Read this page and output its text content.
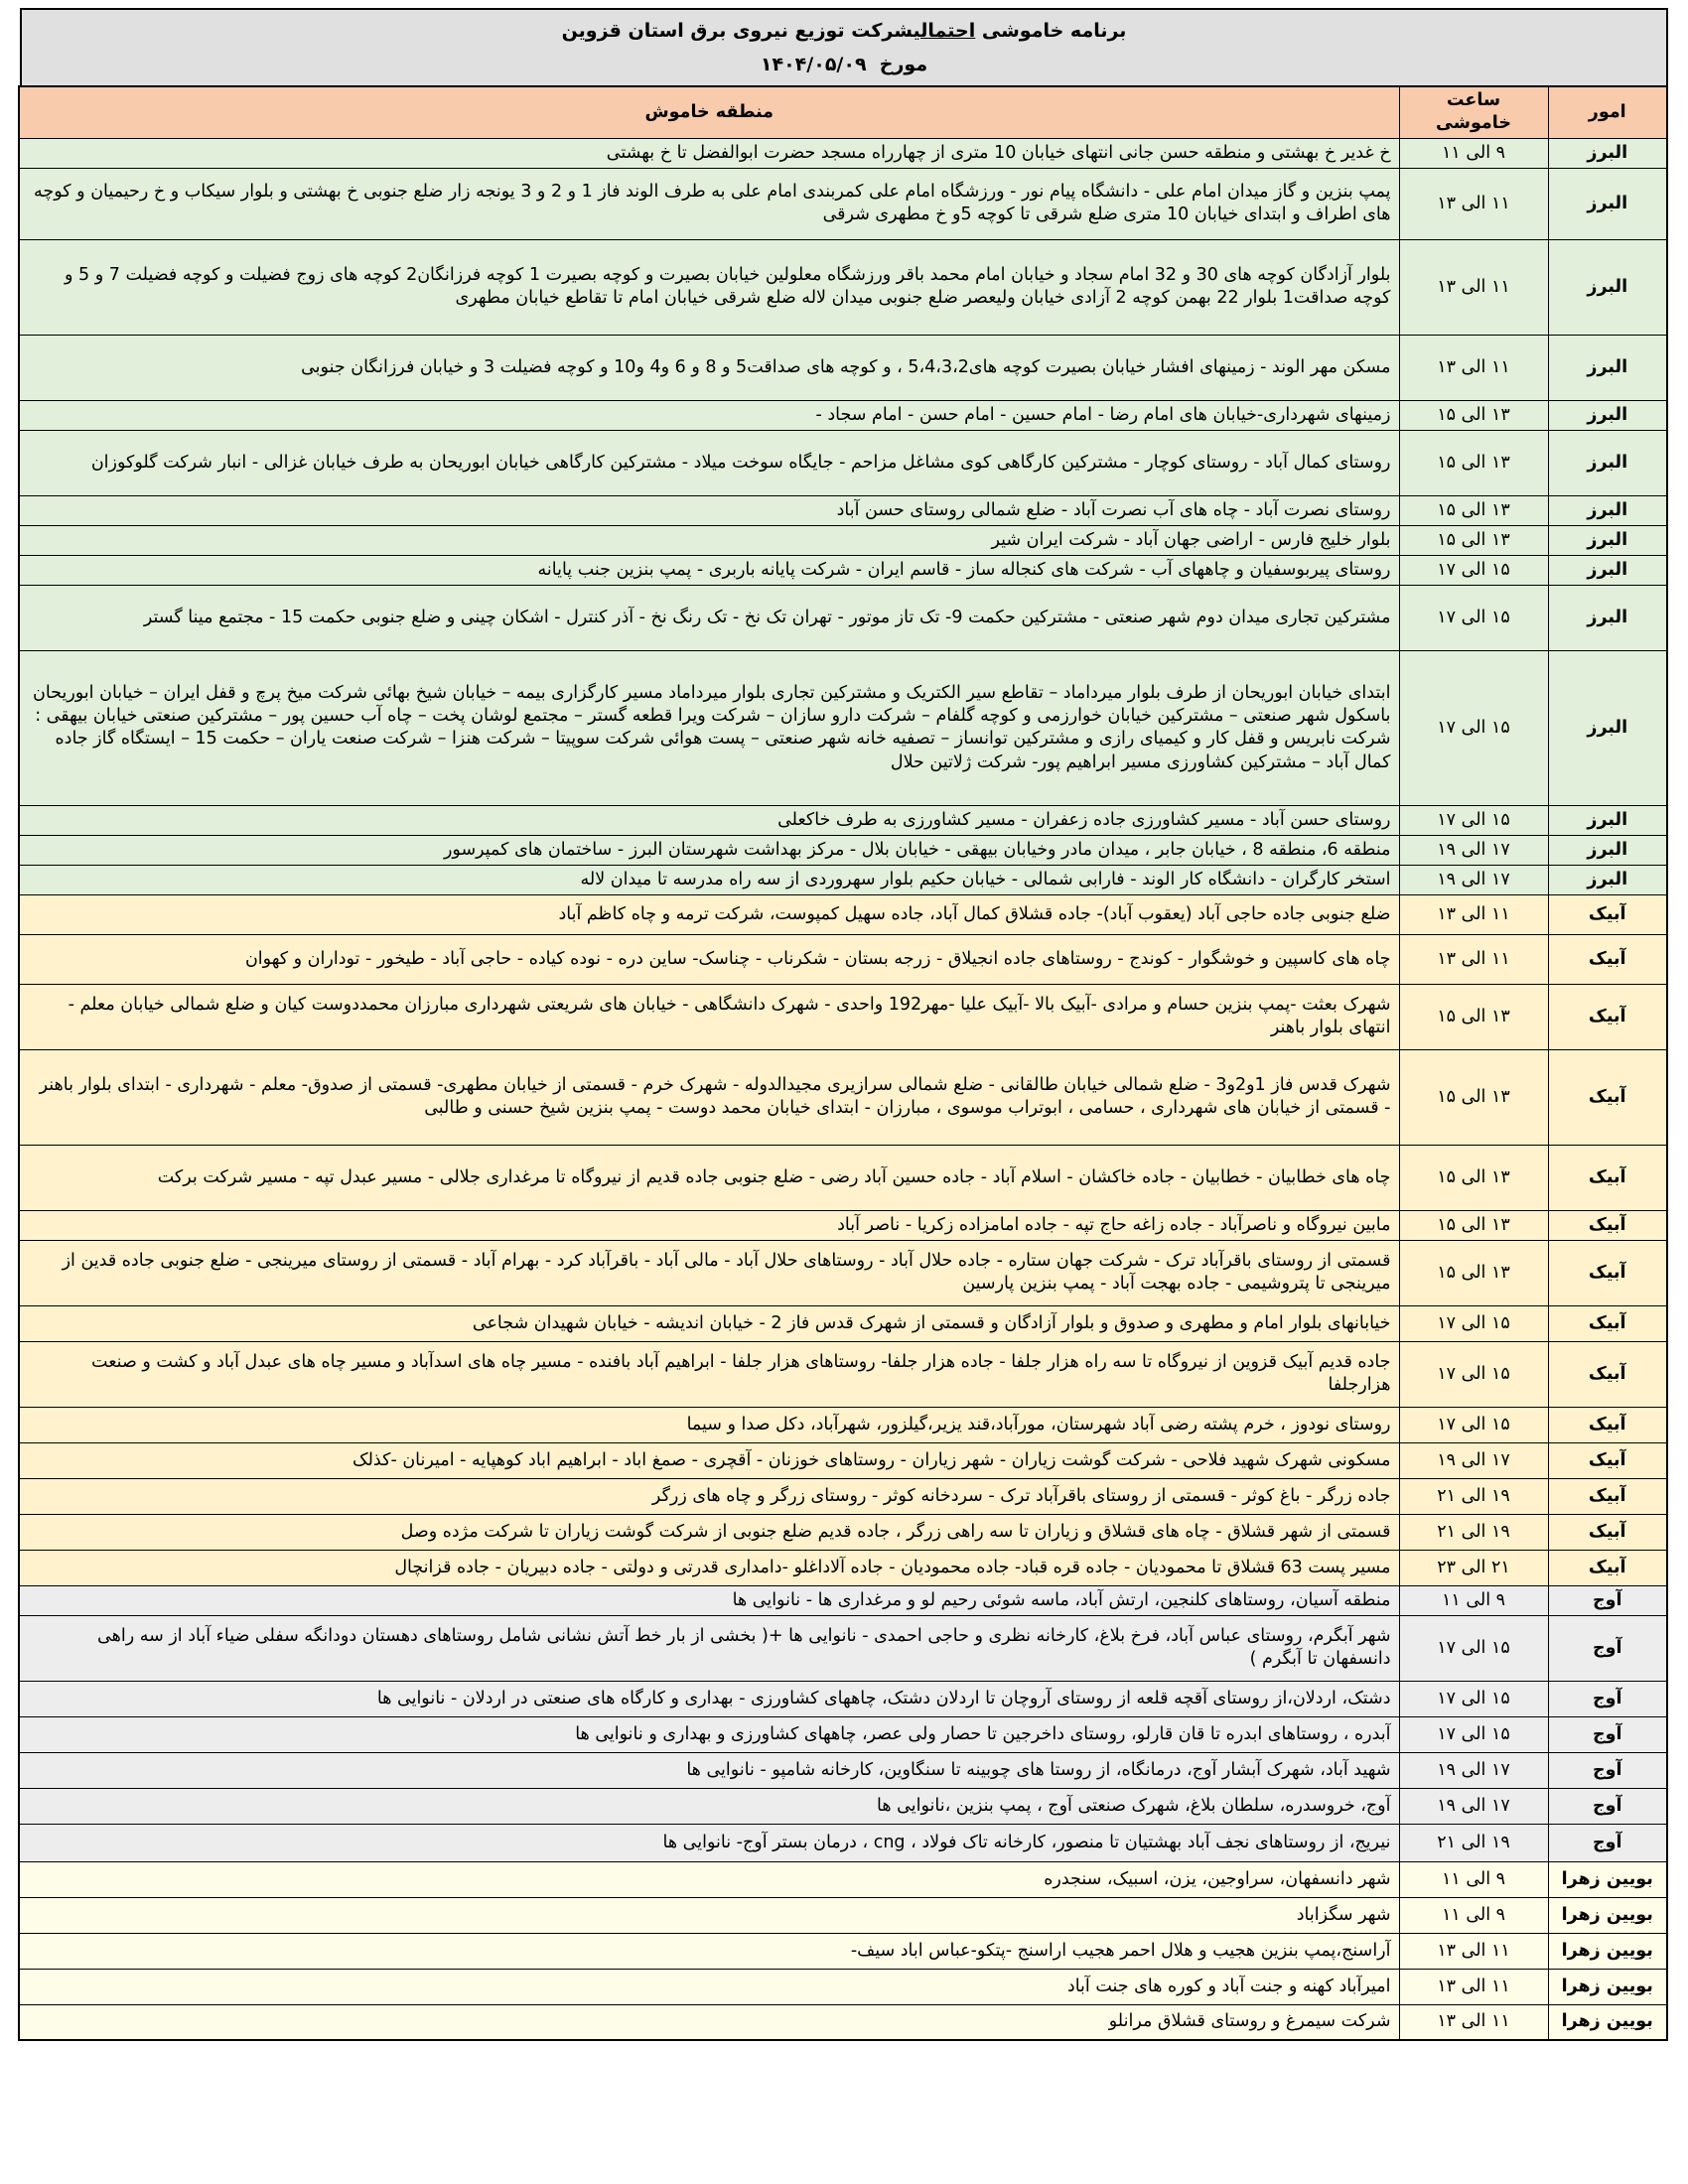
برنامه خاموشی احتمالیشرکت توزیع نیروی برق استان قزوین
مورخ  ۱۴۰۴/۰۵/۰۹
امور	ساعت خاموشی	منطقه خاموش
البرز	۹ الی ۱۱	خ غدیر خ بهشتی و منطقه حسن جانی انتهای خیابان 10 متری از چهارراه مسجد حضرت ابوالفضل تا خ بهشتی
البرز	۱۱ الی ۱۳	پمپ بنزین و گاز میدان امام علی - دانشگاه پیام نور - ورزشگاه امام علی کمربندی امام علی به طرف الوند فاز 1 و 2 و 3 یونجه زار ضلع جنوبی خ بهشتی و بلوار سیکاب و خ رحیمیان و کوچه های اطراف و ابتدای خیابان 10 متری ضلع شرقی تا کوچه 5و خ مطهری شرقی
البرز	۱۱ الی ۱۳	بلوار آزادگان کوچه های 30 و 32 امام سجاد و خیابان امام محمد باقر ورزشگاه معلولین خیابان بصیرت و کوچه بصیرت 1 کوچه فرزانگان2 کوچه های زوج فضیلت و کوچه فضیلت 7 و 5 و کوچه صداقت1 بلوار 22 بهمن کوچه 2 آزادی خیابان ولیعصر ضلع جنوبی میدان لاله ضلع شرقی خیابان امام تا تقاطع خیابان مطهری
البرز	۱۱ الی ۱۳	مسکن مهر الوند - زمینهای افشار خیابان بصیرت کوچه های5،4،3،2 ، و کوچه های صداقت5 و 8 و 6 و4 و10 و کوچه فضیلت 3 و خیابان فرزانگان جنوبی
البرز	۱۳ الی ۱۵	زمینهای شهرداری-خیابان های امام رضا - امام حسین - امام حسن - امام سجاد -
البرز	۱۳ الی ۱۵	روستای کمال آباد - روستای کوچار - مشترکین کارگاهی کوی مشاغل مزاحم - جایگاه سوخت میلاد - مشترکین کارگاهی خیابان ابوریحان به طرف خیابان غزالی - انبار شرکت گلوکوزان
البرز	۱۳ الی ۱۵	روستای نصرت آباد - چاه های آب نصرت آباد - ضلع شمالی روستای حسن آباد
البرز	۱۳ الی ۱۵	بلوار خلیج فارس - اراضی جهان آباد - شرکت ایران شیر
البرز	۱۵ الی ۱۷	روستای پیربوسفیان و چاههای آب - شرکت های کنجاله ساز - قاسم ایران - شرکت پایانه باربری - پمپ بنزین جنب پایانه
البرز	۱۵ الی ۱۷	مشترکین تجاری میدان دوم شهر صنعتی - مشترکین حکمت 9- تک تاز موتور - تهران تک نخ - تک رنگ نخ - آذر کنترل - اشکان چینی و ضلع جنوبی حکمت 15 - مجتمع مینا گستر
البرز	۱۵ الی ۱۷	ابتدای خیابان ابوریحان از طرف بلوار میرداماد – تقاطع سیر الکتریک و مشترکین تجاری بلوار میرداماد مسیر کارگزاری بیمه – خیابان شیخ بهائی شرکت میخ پرچ و قفل ایران – خیابان ابوریحان باسکول شهر صنعتی – مشترکین خیابان خوارزمی و کوچه گلفام – شرکت دارو سازان – شرکت ویرا قطعه گستر – مجتمع لوشان پخت – چاه آب حسین پور – مشترکین صنعتی خیابان بیهقی : شرکت نابریس و قفل کار و کیمیای رازی و مشترکین توانساز – تصفیه خانه شهر صنعتی – پست هوائی شرکت سوپیتا – شرکت هنزا – شرکت صنعت یاران – حکمت 15 – ایستگاه گاز جاده کمال آباد – مشترکین کشاورزی مسیر ابراهیم پور- شرکت ژلاتین حلال
البرز	۱۵ الی ۱۷	روستای حسن آباد - مسیر کشاورزی جاده زعفران - مسیر کشاورزی به طرف خاکعلی
البرز	۱۷ الی ۱۹	منطقه 6، منطقه 8 ، خیابان جابر ، میدان مادر وخیابان بیهقی - خیابان بلال - مرکز بهداشت شهرستان البرز - ساختمان های کمپرسور
البرز	۱۷ الی ۱۹	استخر کارگران - دانشگاه کار الوند - فارابی شمالی - خیابان حکیم بلوار سهروردی از سه راه مدرسه تا میدان لاله
آبیک	۱۱ الی ۱۳	ضلع جنوبی جاده حاجی آباد (یعقوب آباد)- جاده قشلاق کمال آباد، جاده سهیل کمپوست، شرکت ترمه و چاه کاظم آباد
آبیک	۱۱ الی ۱۳	چاه های کاسپین و خوشگوار - کوندج - روستاهای جاده انجیلاق - زرجه بستان - شکرناب - چناسک- ساین دره - نوده کیاده - حاجی آباد - طیخور - توداران و کهوان
آبیک	۱۳ الی ۱۵	شهرک بعثت -پمپ بنزین حسام و مرادی -آبیک بالا -آبیک علیا -مهر192 واحدی - شهرک دانشگاهی - خیابان های شریعتی شهرداری مبارزان محمددوست کیان و ضلع شمالی خیابان معلم - انتهای بلوار باهنر
آبیک	۱۳ الی ۱۵	شهرک قدس فاز 1و2و3 - ضلع شمالی خیابان طالقانی - ضلع شمالی سرازیری مجیدالدوله - شهرک خرم - قسمتی از خیابان مطهری- قسمتی از صدوق- معلم - شهرداری - ابتدای بلوار باهنر - قسمتی از خیابان های شهرداری ، حسامی ، ابوتراب موسوی ، مبارزان - ابتدای خیابان محمد دوست - پمپ بنزین شیخ حسنی و طالبی
آبیک	۱۳ الی ۱۵	چاه های خطابیان - خطابیان - جاده خاکشان - اسلام آباد - جاده حسین آباد رضی - ضلع جنوبی جاده قدیم از نیروگاه تا مرغداری جلالی - مسیر عبدل تپه - مسیر شرکت برکت
آبیک	۱۳ الی ۱۵	مابین نیروگاه و ناصرآباد - جاده زاغه حاج تپه - جاده امامزاده زکریا - ناصر آباد
آبیک	۱۳ الی ۱۵	قسمتی از روستای باقرآباد ترک - شرکت جهان ستاره - جاده حلال آباد - روستاهای حلال آباد - مالی آباد - باقرآباد کرد - بهرام آباد - قسمتی از روستای میرینجی - ضلع جنوبی جاده قدین از میرینجی تا پتروشیمی - جاده بهجت آباد - پمپ بنزین پارسین
آبیک	۱۵ الی ۱۷	خیابانهای بلوار امام و مطهری و صدوق و بلوار آزادگان و قسمتی از شهرک قدس فاز 2 - خیابان اندیشه - خیابان شهیدان شجاعی
آبیک	۱۵ الی ۱۷	جاده قدیم آبیک قزوین از نیروگاه تا سه راه هزار جلفا - جاده هزار جلفا- روستاهای هزار جلفا - ابراهیم آباد بافنده - مسیر چاه های اسدآباد و مسیر چاه های عبدل آباد و کشت و صنعت هزارجلفا
آبیک	۱۵ الی ۱۷	روستای نودوز ، خرم پشته رضی آباد شهرستان، مورآباد،قند یزیر،گیلزور، شهرآباد، دکل صدا و سیما
آبیک	۱۷ الی ۱۹	مسکونی شهرک شهید فلاحی - شرکت گوشت زیاران - شهر زیاران - روستاهای خوزنان - آقچری - صمغ اباد - ابراهیم اباد کوهپایه - امیرنان -کذلک
آبیک	۱۹ الی ۲۱	جاده زرگر - باغ کوثر - قسمتی از روستای باقرآباد ترک - سردخانه کوثر - روستای زرگر و چاه های زرگر
آبیک	۱۹ الی ۲۱	قسمتی از شهر قشلاق - چاه های قشلاق و زیاران تا سه راهی زرگر ، جاده قدیم ضلع جنوبی از شرکت گوشت زیاران تا شرکت مژده وصل
آبیک	۲۱ الی ۲۳	مسیر پست 63 قشلاق تا محمودیان - جاده قره قباد- جاده محمودیان - جاده آلاداغلو -دامداری قدرتی و دولتی - جاده دبیریان - جاده قزانچال
آوج	۹ الی ۱۱	منطقه آسیان، روستاهای کلنجین، ارتش آباد، ماسه شوئی رحیم لو و مرغداری ها - نانوایی ها
آوج	۱۵ الی ۱۷	شهر آبگرم، روستای عباس آباد، فرخ بلاغ، کارخانه نظری و حاجی احمدی - نانوایی ها +( بخشی از بار خط آتش نشانی شامل روستاهای دهستان دودانگه سفلی ضیاء آباد از سه راهی دانسفهان تا آبگرم )
آوج	۱۵ الی ۱۷	دشتک، اردلان،از روستای آقچه قلعه از روستای آروچان تا اردلان دشتک، چاههای کشاورزی - بهداری و کارگاه های صنعتی در اردلان - نانوایی ها
آوج	۱۵ الی ۱۷	آبدره ، روستاهای ابدره تا قان قارلو، روستای داخرجین تا حصار ولی عصر، چاههای کشاورزی و بهداری و نانوایی ها
آوج	۱۷ الی ۱۹	شهید آباد، شهرک آبشار آوج، درمانگاه، از روستا های چوبینه تا سنگاوین، کارخانه شامپو - نانوایی ها
آوج	۱۷ الی ۱۹	آوج، خروسدره، سلطان بلاغ، شهرک صنعتی آوج ، پمپ بنزین ،نانوایی ها
آوج	۱۹ الی ۲۱	نیریج، از روستاهای نجف آباد بهشتیان تا منصور، کارخانه تاک فولاد ، cng ، درمان بستر آوج- نانوایی ها
بویین زهرا	۹ الی ۱۱	شهر دانسفهان، سراوجین، یزن، اسبیک، سنجدره
بویین زهرا	۹ الی ۱۱	شهر سگزاباد
بویین زهرا	۱۱ الی ۱۳	آراسنج،پمپ بنزین هجیب و هلال احمر هجیب اراسنج -پتکو-عباس اباد سیف-
بویین زهرا	۱۱ الی ۱۳	امیرآباد کهنه و جنت آباد و کوره های جنت آباد
بویین زهرا	۱۱ الی ۱۳	شرکت سیمرغ و روستای قشلاق مرانلو
